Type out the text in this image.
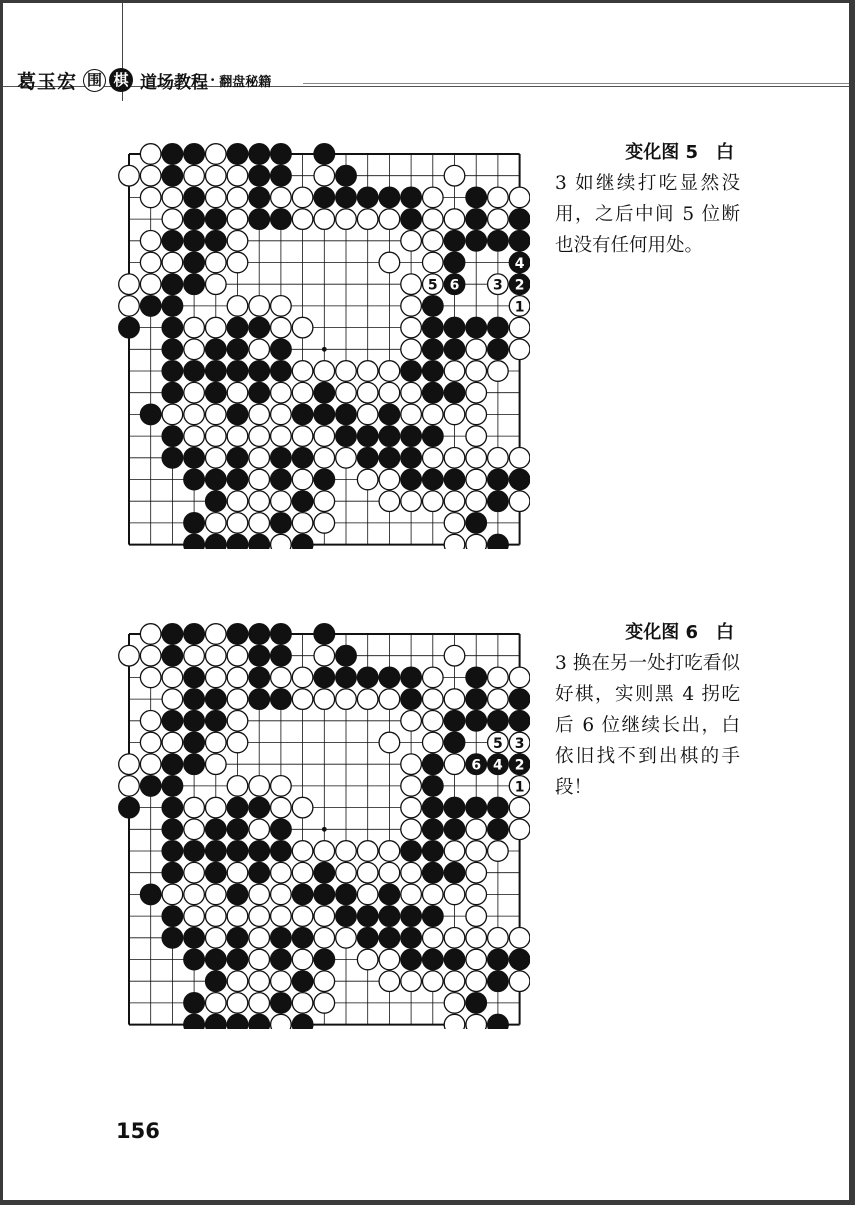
葛玉宏 围 棋 道场教程 · 翻盘秘籍
4
5 6 3 2
1
变化图 5　白
3 如继续打吃显然没用，之后中间 5 位断也没有任何用处。
5 3
6 4 2
1
变化图 6　白
3 换在另一处打吃看似好棋，实则黑 4 拐吃后 6 位继续长出，白依旧找不到出棋的手段！
156
